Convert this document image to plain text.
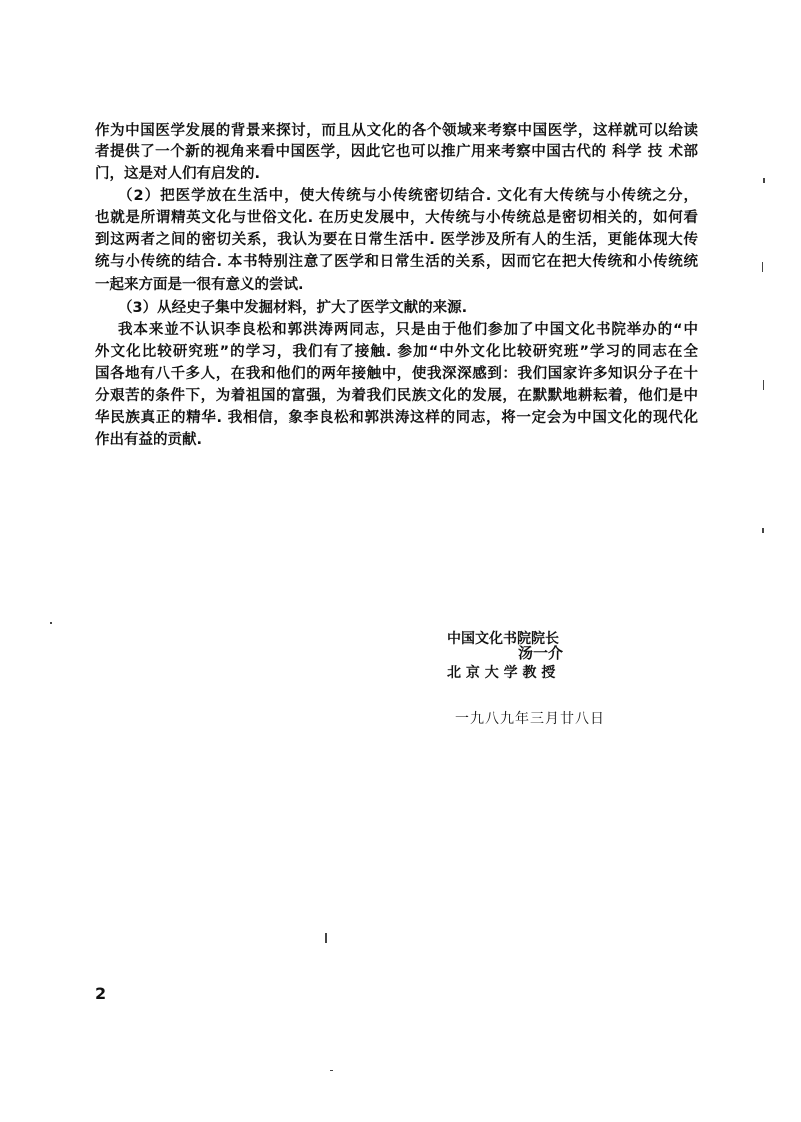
作为中国医学发展的背景来探讨，而且从文化的各个领域来考察中国医学，这样就可以给读
者提供了一个新的视角来看中国医学，因此它也可以推广用来考察中国古代的 科学 技 术部
门，这是对人们有启发的.
（2）把医学放在生活中，使大传统与小传统密切结合. 文化有大传统与小传统之分，
也就是所谓精英文化与世俗文化. 在历史发展中，大传统与小传统总是密切相关的，如何看
到这两者之间的密切关系，我认为要在日常生活中. 医学涉及所有人的生活，更能体现大传
统与小传统的结合. 本书特别注意了医学和日常生活的关系，因而它在把大传统和小传统统
一起来方面是一很有意义的尝试.
（3）从经史子集中发掘材料，扩大了医学文献的来源.
我本来並不认识李良松和郭洪涛两同志，只是由于他们参加了中国文化书院举办的“中
外文化比较研究班”的学习，我们有了接触. 参加“中外文化比较研究班”学习的同志在全
国各地有八千多人，在我和他们的两年接触中，使我深深感到：我们国家许多知识分子在十
分艰苦的条件下，为着祖国的富强，为着我们民族文化的发展，在默默地耕耘着，他们是中
华民族真正的精华. 我相信，象李良松和郭洪涛这样的同志，将一定会为中国文化的现代化
作出有益的贡献.
中国文化书院院长
汤一介
北 京 大 学 教 授
一九八九年三月廿八日
2
